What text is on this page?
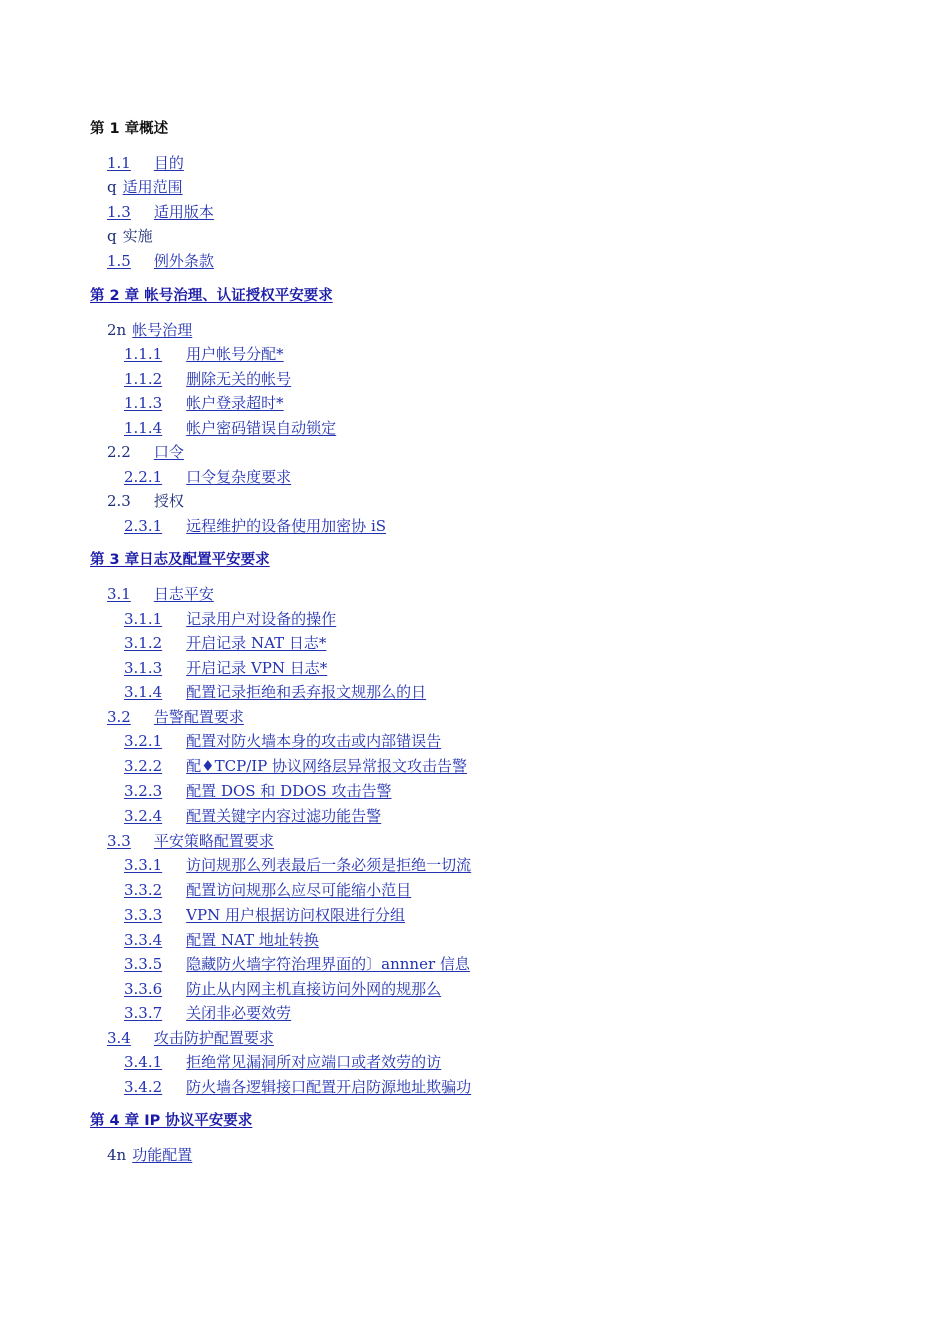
第 1 章概述
1.1 目的
q 适用范围
1.3 适用版本
q 实施
1.5 例外条款
第 2 章 帐号治理、认证授权平安要求
2n 帐号治理
1.1.1 用户帐号分配*
1.1.2 删除无关的帐号
1.1.3 帐户登录超时*
1.1.4 帐户密码错误自动锁定
2.2 口令
2.2.1 口令复杂度要求
2.3 授权
2.3.1 远程维护的设备使用加密协 iS
第 3 章日志及配置平安要求
3.1 日志平安
3.1.1 记录用户对设备的操作
3.1.2 开启记录 NAT 日志*
3.1.3 开启记录 VPN 日志*
3.1.4 配置记录拒绝和丢弃报文规那么的日
3.2 告警配置要求
3.2.1 配置对防火墙本身的攻击或内部错误告
3.2.2 配♦TCP/IP 协议网络层异常报文攻击告警
3.2.3 配置 DOS 和 DDOS 攻击告警
3.2.4 配置关键字内容过滤功能告警
3.3 平安策略配置要求
3.3.1 访问规那么列表最后一条必须是拒绝一切流
3.3.2 配置访问规那么应尽可能缩小范目
3.3.3 VPN 用户根据访问权限进行分组
3.3.4 配置 NAT 地址转换
3.3.5 隐藏防火墙字符治理界面的〕annner 信息
3.3.6 防止从内网主机直接访问外网的规那么
3.3.7 关闭非必要效劳
3.4 攻击防护配置要求
3.4.1 拒绝常见漏洞所对应端口或者效劳的访
3.4.2 防火墙各逻辑接口配置开启防源地址欺骗功
第 4 章 IP 协议平安要求
4n 功能配置
